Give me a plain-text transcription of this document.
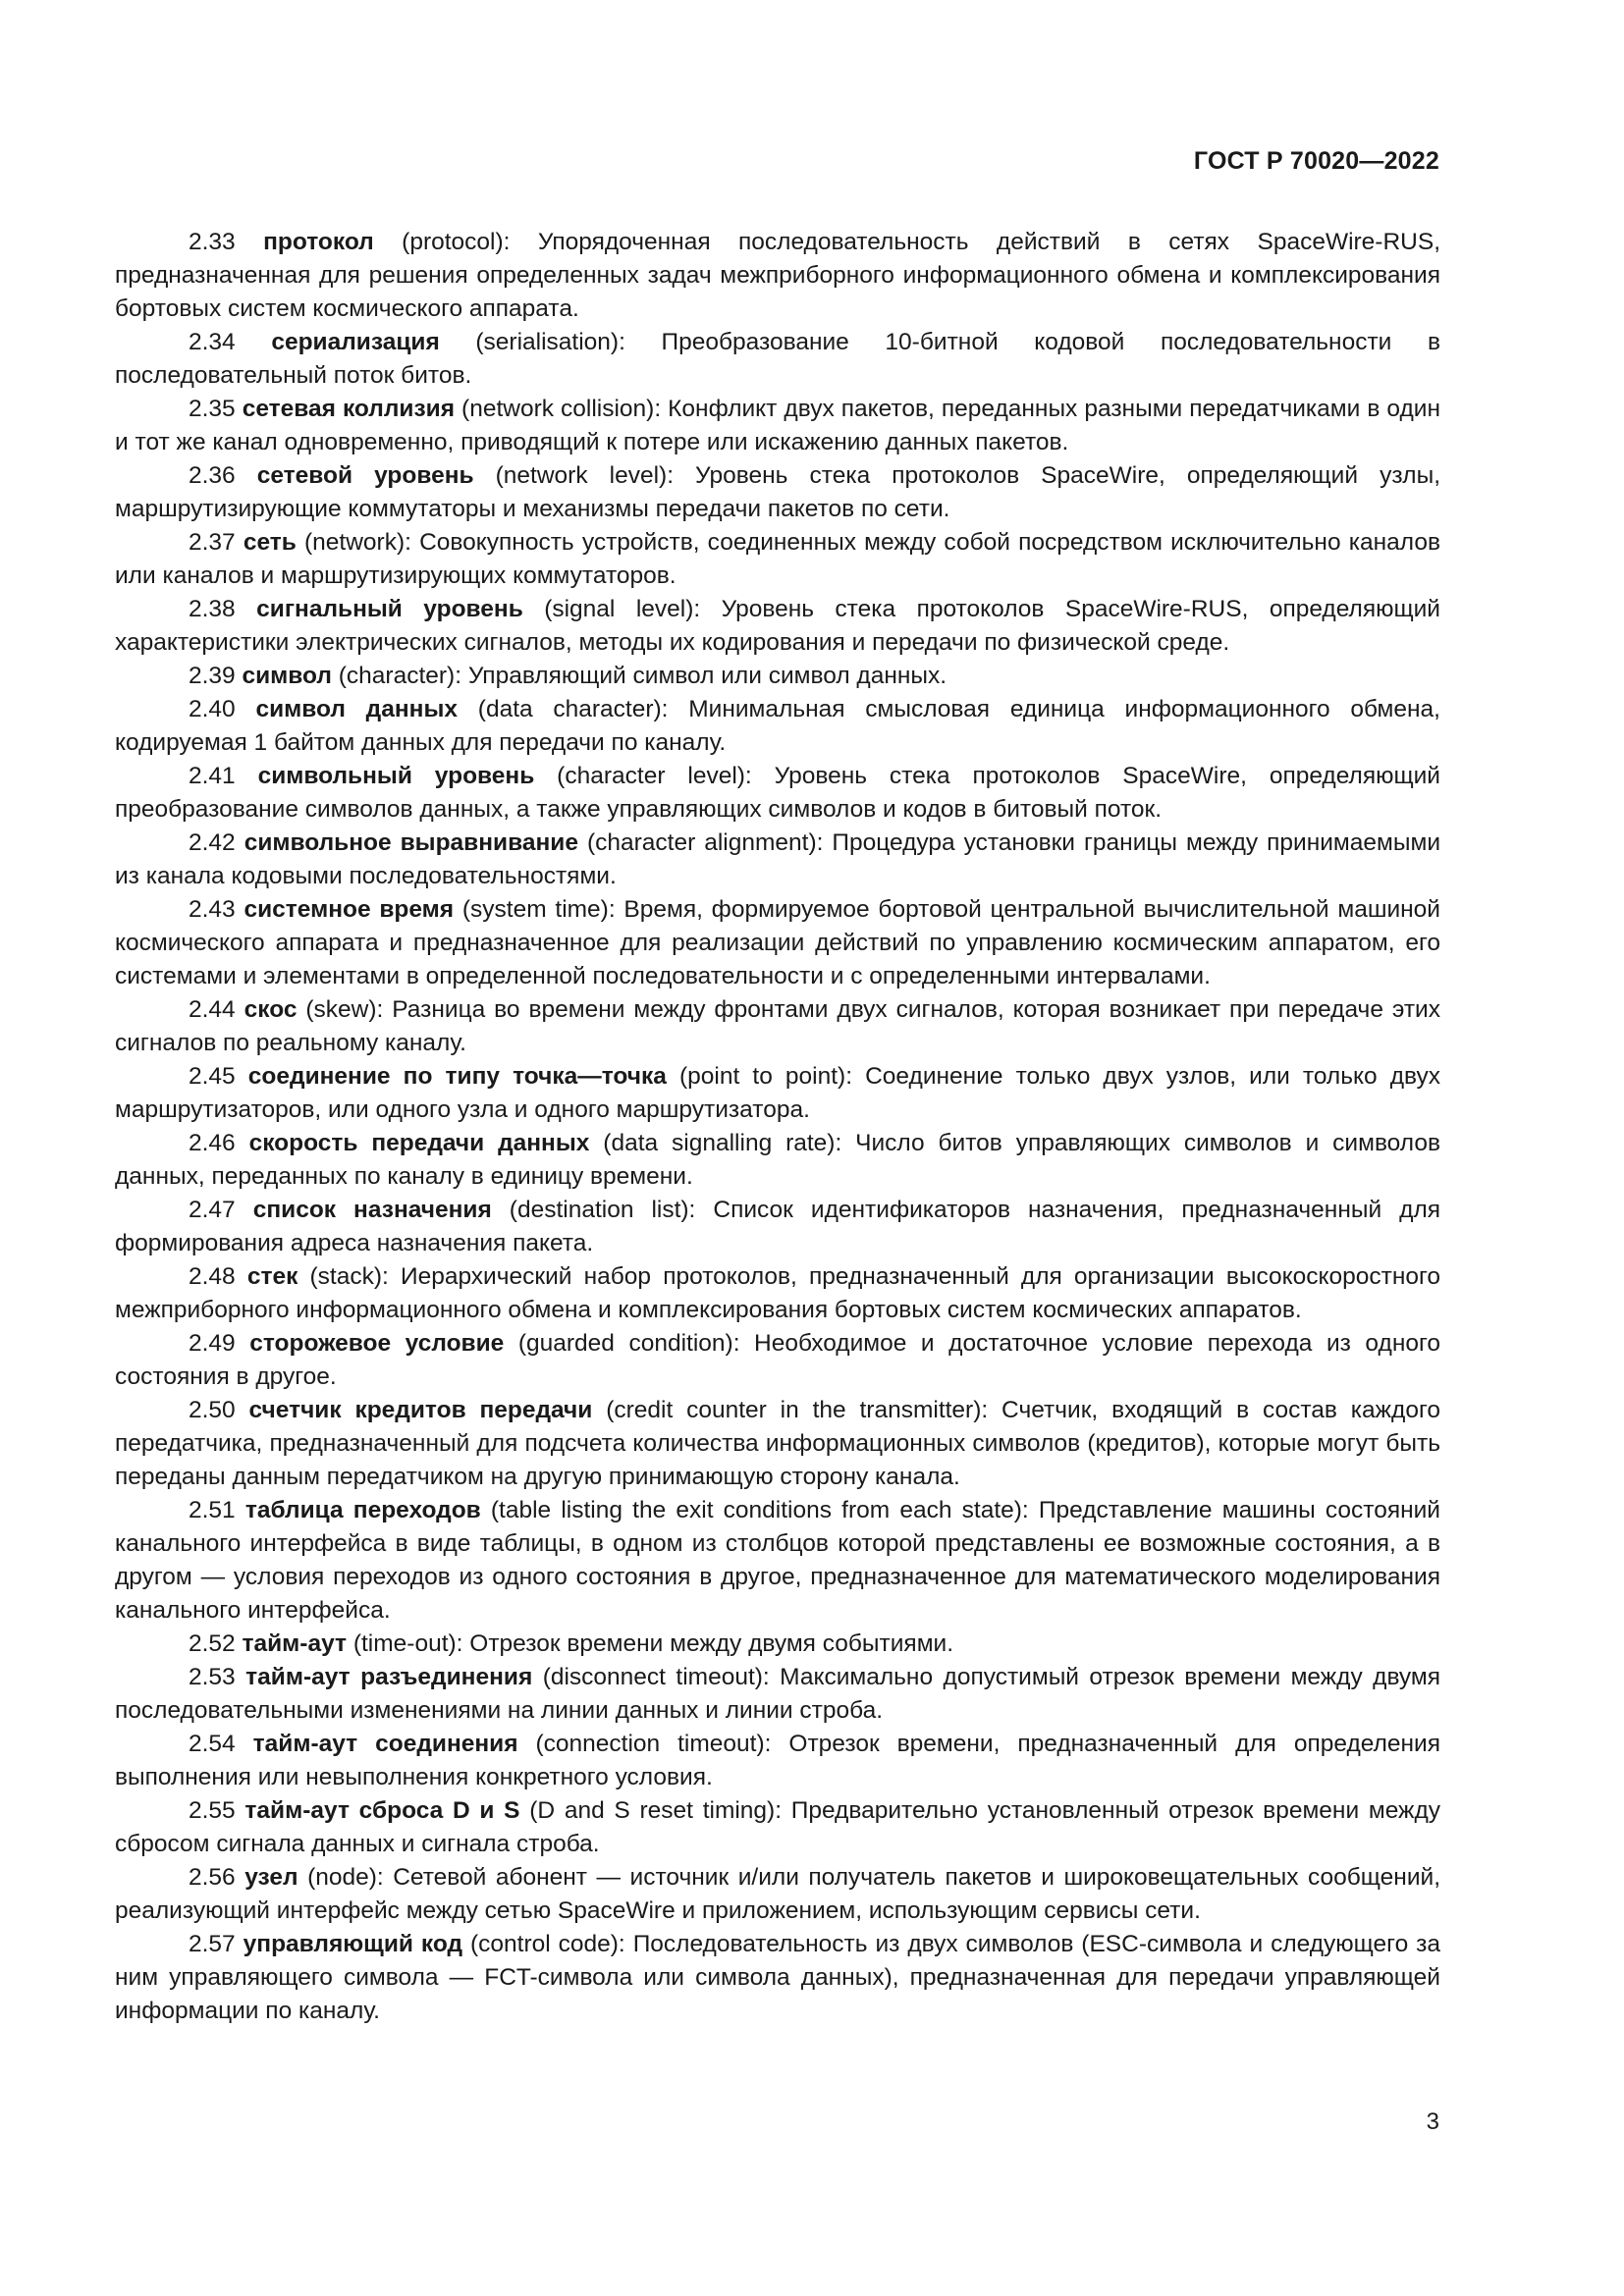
ГОСТ Р 70020—2022

2.33 протокол (protocol): Упорядоченная последовательность действий в сетях SpaceWire-RUS, предназначенная для решения определенных задач межприборного информационного обмена и комплексирования бортовых систем космического аппарата.

2.34 сериализация (serialisation): Преобразование 10-битной кодовой последовательности в последовательный поток битов.

2.35 сетевая коллизия (network collision): Конфликт двух пакетов, переданных разными передатчиками в один и тот же канал одновременно, приводящий к потере или искажению данных пакетов.

2.36 сетевой уровень (network level): Уровень стека протоколов SpaceWire, определяющий узлы, маршрутизирующие коммутаторы и механизмы передачи пакетов по сети.

2.37 сеть (network): Совокупность устройств, соединенных между собой посредством исключительно каналов или каналов и маршрутизирующих коммутаторов.

2.38 сигнальный уровень (signal level): Уровень стека протоколов SpaceWire-RUS, определяющий характеристики электрических сигналов, методы их кодирования и передачи по физической среде.

2.39 символ (character): Управляющий символ или символ данных.

2.40 символ данных (data character): Минимальная смысловая единица информационного обмена, кодируемая 1 байтом данных для передачи по каналу.

2.41 символьный уровень (character level): Уровень стека протоколов SpaceWire, определяющий преобразование символов данных, а также управляющих символов и кодов в битовый поток.

2.42 символьное выравнивание (character alignment): Процедура установки границы между принимаемыми из канала кодовыми последовательностями.

2.43 системное время (system time): Время, формируемое бортовой центральной вычислительной машиной космического аппарата и предназначенное для реализации действий по управлению космическим аппаратом, его системами и элементами в определенной последовательности и с определенными интервалами.

2.44 скос (skew): Разница во времени между фронтами двух сигналов, которая возникает при передаче этих сигналов по реальному каналу.

2.45 соединение по типу точка—точка (point to point): Соединение только двух узлов, или только двух маршрутизаторов, или одного узла и одного маршрутизатора.

2.46 скорость передачи данных (data signalling rate): Число битов управляющих символов и символов данных, переданных по каналу в единицу времени.

2.47 список назначения (destination list): Список идентификаторов назначения, предназначенный для формирования адреса назначения пакета.

2.48 стек (stack): Иерархический набор протоколов, предназначенный для организации высокоскоростного межприборного информационного обмена и комплексирования бортовых систем космических аппаратов.

2.49 сторожевое условие (guarded condition): Необходимое и достаточное условие перехода из одного состояния в другое.

2.50 счетчик кредитов передачи (credit counter in the transmitter): Счетчик, входящий в состав каждого передатчика, предназначенный для подсчета количества информационных символов (кредитов), которые могут быть переданы данным передатчиком на другую принимающую сторону канала.

2.51 таблица переходов (table listing the exit conditions from each state): Представление машины состояний канального интерфейса в виде таблицы, в одном из столбцов которой представлены ее возможные состояния, а в другом — условия переходов из одного состояния в другое, предназначенное для математического моделирования канального интерфейса.

2.52 тайм-аут (time-out): Отрезок времени между двумя событиями.

2.53 тайм-аут разъединения (disconnect timeout): Максимально допустимый отрезок времени между двумя последовательными изменениями на линии данных и линии строба.

2.54 тайм-аут соединения (connection timeout): Отрезок времени, предназначенный для определения выполнения или невыполнения конкретного условия.

2.55 тайм-аут сброса D и S (D and S reset timing): Предварительно установленный отрезок времени между сбросом сигнала данных и сигнала строба.

2.56 узел (node): Сетевой абонент — источник и/или получатель пакетов и широковещательных сообщений, реализующий интерфейс между сетью SpaceWire и приложением, использующим сервисы сети.

2.57 управляющий код (control code): Последовательность из двух символов (ESC-символа и следующего за ним управляющего символа — FCT-символа или символа данных), предназначенная для передачи управляющей информации по каналу.

3
